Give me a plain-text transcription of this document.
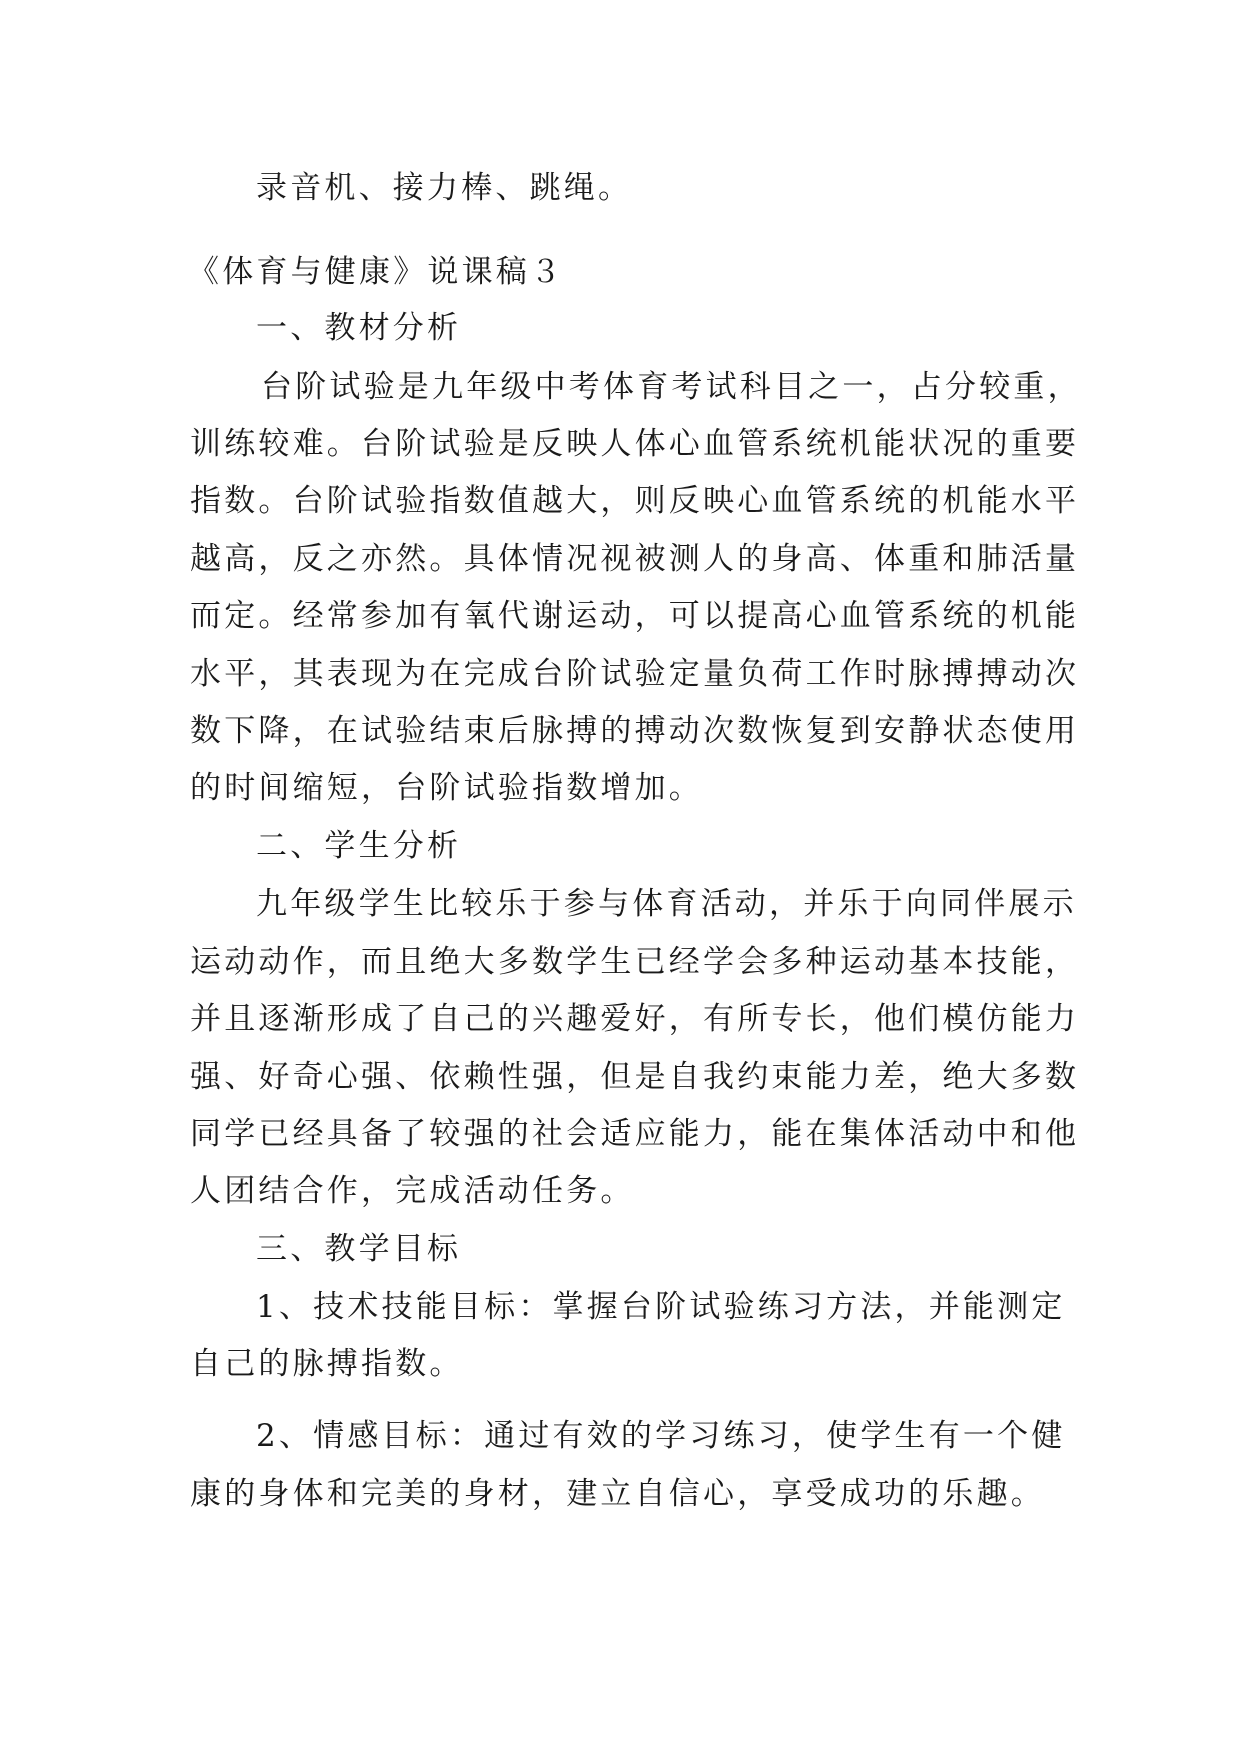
录音机、接力棒、跳绳。
《体育与健康》说课稿３
一、教材分析
台阶试验是九年级中考体育考试科目之一，占分较重，
训练较难。台阶试验是反映人体心血管系统机能状况的重要
指数。台阶试验指数值越大，则反映心血管系统的机能水平
越高，反之亦然。具体情况视被测人的身高、体重和肺活量
而定。经常参加有氧代谢运动，可以提高心血管系统的机能
水平，其表现为在完成台阶试验定量负荷工作时脉搏搏动次
数下降，在试验结束后脉搏的搏动次数恢复到安静状态使用
的时间缩短，台阶试验指数增加。
二、学生分析
九年级学生比较乐于参与体育活动，并乐于向同伴展示
运动动作，而且绝大多数学生已经学会多种运动基本技能，
并且逐渐形成了自己的兴趣爱好，有所专长，他们模仿能力
强、好奇心强、依赖性强，但是自我约束能力差，绝大多数
同学已经具备了较强的社会适应能力，能在集体活动中和他
人团结合作，完成活动任务。
三、教学目标
1、技术技能目标：掌握台阶试验练习方法，并能测定
自己的脉搏指数。
2、情感目标：通过有效的学习练习，使学生有一个健
康的身体和完美的身材，建立自信心，享受成功的乐趣。
